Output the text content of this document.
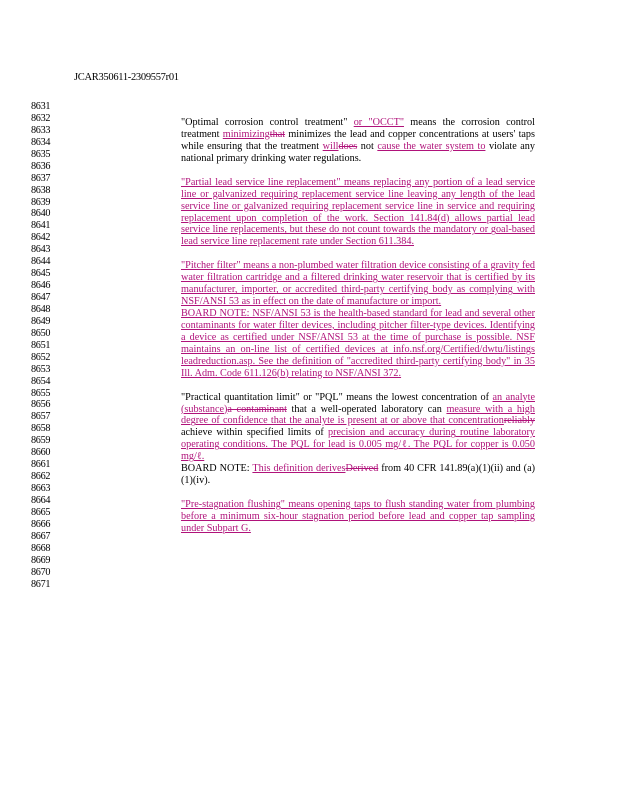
JCAR350611-2309557r01
8631
8632
8633
8634
8635
8636
8637
8638
8639
8640
8641
8642
8643
8644
8645
8646
8647
8648
8649
8650
8651
8652
8653
8654
8655
8656
8657
8658
8659
8660
8661
8662
8663
8664
8665
8666
8667
8668
8669
8670
8671
"Optimal corrosion control treatment" or "OCCT" means the corrosion control treatment minimizingthat minimizes the lead and copper concentrations at users' taps while ensuring that the treatment willdoes not cause the water system to violate any national primary drinking water regulations.
"Partial lead service line replacement" means replacing any portion of a lead service line or galvanized requiring replacement service line leaving any length of the lead service line or galvanized requiring replacement service line in service and requiring replacement upon completion of the work. Section 141.84(d) allows partial lead service line replacements, but these do not count towards the mandatory or goal-based lead service line replacement rate under Section 611.384.
"Pitcher filter" means a non-plumbed water filtration device consisting of a gravity fed water filtration cartridge and a filtered drinking water reservoir that is certified by its manufacturer, importer, or accredited third-party certifying body as complying with NSF/ANSI 53 as in effect on the date of manufacture or import.
BOARD NOTE: NSF/ANSI 53 is the health-based standard for lead and several other contaminants for water filter devices, including pitcher filter-type devices. Identifying a device as certified under NSF/ANSI 53 at the time of purchase is possible. NSF maintains an on-line list of certified devices at info.nsf.org/Certified/dwtu/listings leadreduction.asp. See the definition of "accredited third-party certifying body" in 35 Ill. Adm. Code 611.126(b) relating to NSF/ANSI 372.
"Practical quantitation limit" or "PQL" means the lowest concentration of an analyte (substance)a contaminant that a well-operated laboratory can measure with a high degree of confidence that the analyte is present at or above that concentrationreliably achieve within specified limits of precision and accuracy during routine laboratory operating conditions. The PQL for lead is 0.005 mg/ℓ. The PQL for copper is 0.050 mg/ℓ.
BOARD NOTE: This definition derivesDerived from 40 CFR 141.89(a)(1)(ii) and (a)(1)(iv).
"Pre-stagnation flushing" means opening taps to flush standing water from plumbing before a minimum six-hour stagnation period before lead and copper tap sampling under Subpart G.
